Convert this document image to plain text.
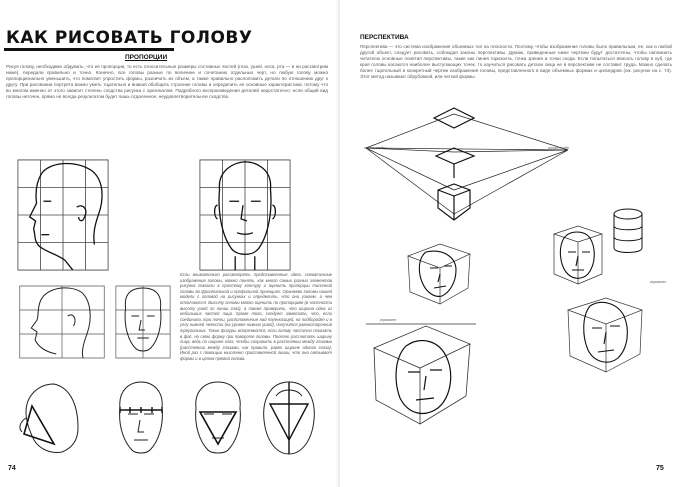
КАК РИСОВАТЬ ГОЛОВУ
ПРОПОРЦИИ

Рисуя голову, необходимо обдумать, что ее пропорции, то есть относительные размеры составных частей (глаз, ушей, носа, рта — и ни рассмотрим ниже), передали правильно и точно. Конечно, все головы разные по величине и сочетанию отдельных черт, но любую голову можно пропорционально уменьшить, что помогает упростить формы, различить их объем, а также правильно расположить детали по отношению друг к другу. При рисовании портрета важно уметь тщательно и вникая обобщить строение головы и определить ее основные характеристики, потому что во многом именно от этого зависит степень сходства рисунка с оригиналом. Подробного воспроизведения деталей недостаточно: если общий вид головы неточен, прямо не всегда результатом будет лишь отдаленное, неудовлетворительное сходство.

Если внимательно рассмотреть представленные здесь схематичные изображения головы, можно понять, как много самых разных элементов рисунка помогли в простому контуру и оценить пропорции типичной головы во фронтальной и профильной проекциях. Оранжево головы нашей модели с головой на рисунках и определить, что они узнаем, а чем отличаются. Высоту головы можно оценить по пропорциям (в частности высоту ушей по линии глаз), а также проверить, что ширина одна из небольших частей лица. Кроме того, следует заметить, что, если соединить три точки, расположенные над переносицей, на подбородке и в углу нижней челюсти (на уровне нижних ушей), получится равносторонний треугольник. Такие фигуры встречаются, если голову частично показать в фас, но свою форму при повороте головы. Полезно рассчитать ширину лица, ведь по ширине глаз, чтобы сохранить в расстоянии между глазами (расстоянии между глазами, как правило, равно ширине одного глаза). Иной раз с помощью мысленно приставленной линии, что она связывает формы и в целом прямой голова.

74
ПЕРСПЕКТИВА

Перспектива — это система изображения объемных тел на плоскости. Поэтому, чтобы изображение головы было правильным, ее, как и любой другой объект, следует рисовать, соблюдая законы перспективы. Думаю, приведенные ниже чертежи будут достаточны, чтобы напомнить читателю основные понятия перспективы, такие как линия горизонта, точка зрения и точки схода. Если попытаться вписать голову в куб, где края головы касаются наиболее выступающих точек, то изучиться рисовать детали лица не в перспективе не составит труда. Можно сделать более тщательный и конкретный чертеж изображения головы, представленного в виде объемных формах и цилиндров (см. рисунок на с. 74). Этот метод называют обрубовкой, или четкой формы.

точка схода	точка схода
горизонт
горизонт
75
